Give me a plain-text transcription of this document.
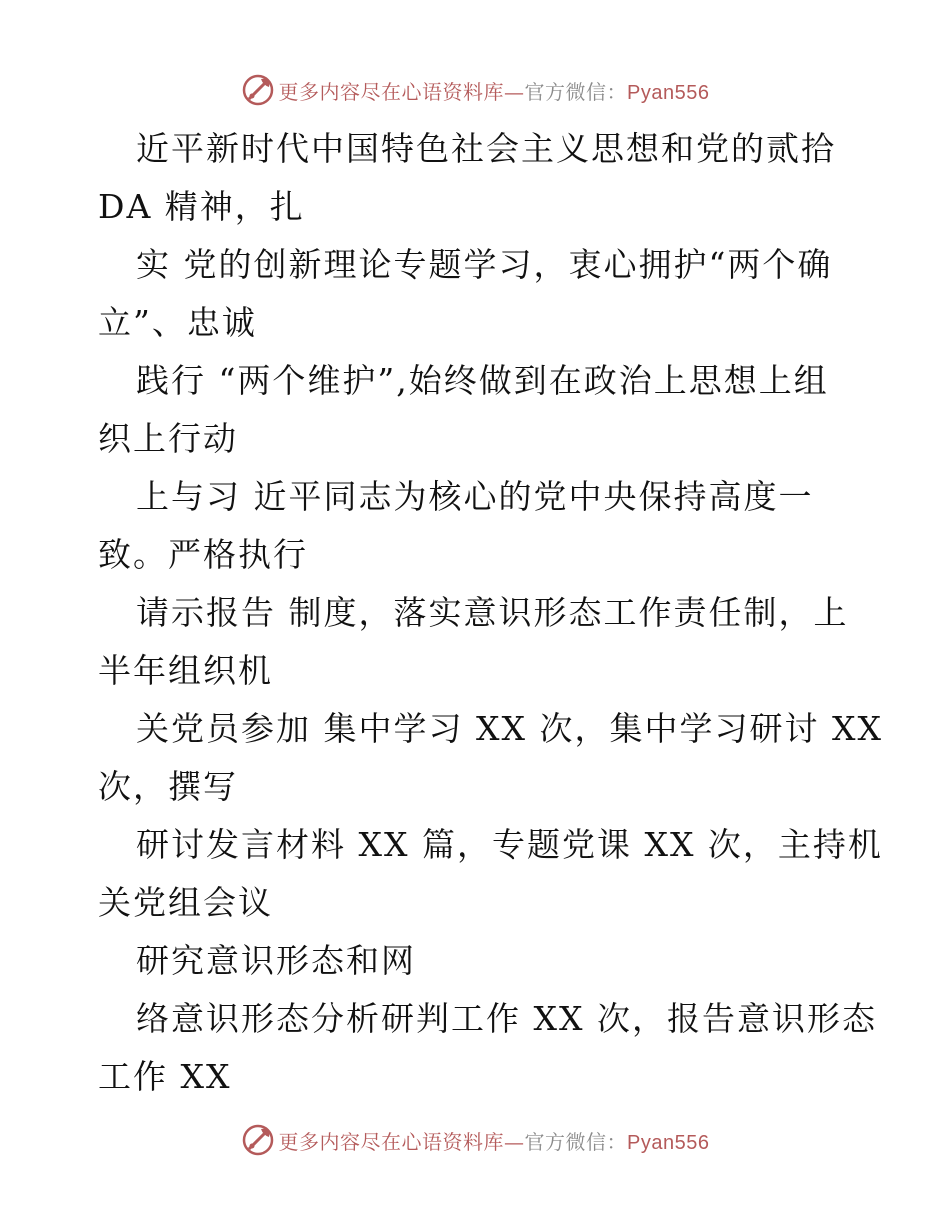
更多内容尽在心语资料库—官方微信：Pyan556
近平新时代中国特色社会主义思想和党的贰拾
DA 精神，扎
实 党的创新理论专题学习，衷心拥护“两个确
立”、忠诚
践行 “两个维护”,始终做到在政治上思想上组
织上行动
上与习 近平同志为核心的党中央保持高度一
致。严格执行
请示报告 制度，落实意识形态工作责任制，上
半年组织机
关党员参加 集中学习 XX 次，集中学习研讨 XX
次，撰写
研讨发言材料 XX 篇，专题党课 XX 次，主持机
关党组会议
研究意识形态和网
络意识形态分析研判工作 XX 次，报告意识形态
工作 XX
更多内容尽在心语资料库—官方微信：Pyan556
